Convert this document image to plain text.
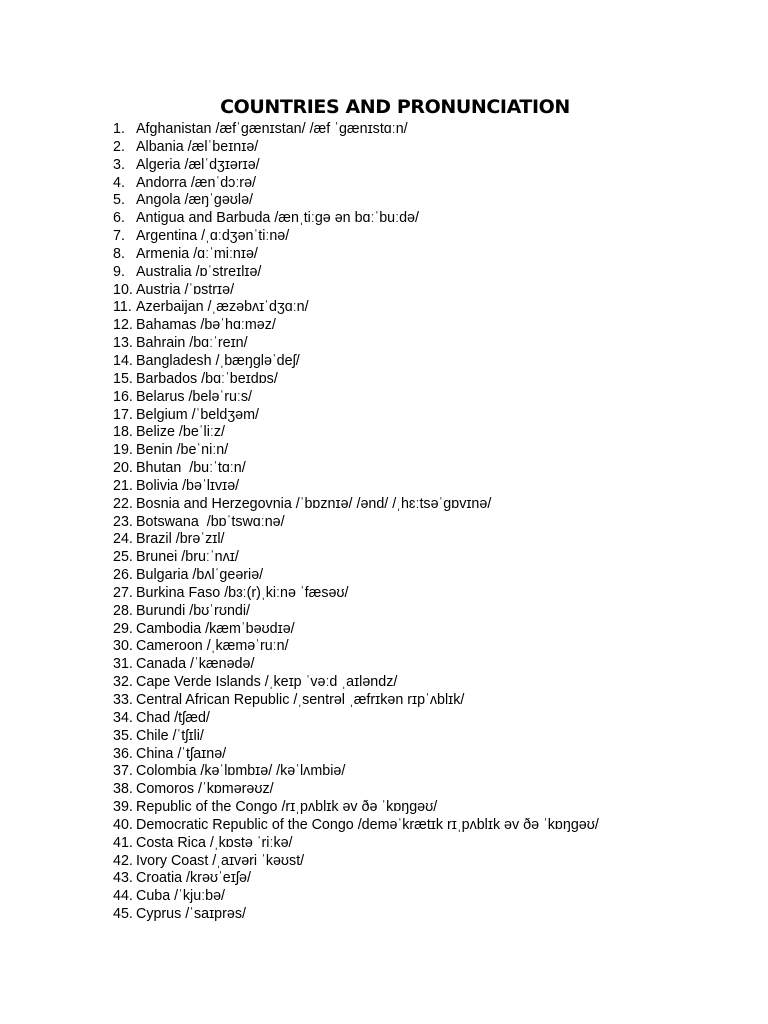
COUNTRIES AND PRONUNCIATION
1. Afghanistan /æfˈgænɪstan/ /æf ˈgænɪstɑːn/
2. Albania /ælˈbeɪnɪə/
3. Algeria /ælˈdʒɪərɪə/
4. Andorra /ænˈdɔːrə/
5. Angola /æŋˈgəʊlə/
6. Antigua and Barbuda /ænˌtiːgə ən bɑːˈbuːdə/
7. Argentina /ˌɑːdʒənˈtiːnə/
8. Armenia /ɑːˈmiːnɪə/
9. Australia /ɒˈstreɪlɪə/
10. Austria /ˈɒstrɪə/
11. Azerbaijan /ˌæzəbʌɪˈdʒɑːn/
12. Bahamas /bəˈhɑːməz/
13. Bahrain /bɑːˈreɪn/
14. Bangladesh /ˌbæŋgləˈdeʃ/
15. Barbados /bɑːˈbeɪdɒs/
16. Belarus /beləˈruːs/
17. Belgium /ˈbeldʒəm/
18. Belize /beˈliːz/
19. Benin /beˈniːn/
20. Bhutan  /buːˈtɑːn/
21. Bolivia /bəˈlɪvɪə/
22. Bosnia and Herzegovnia /ˈbɒznɪə/ /ənd/ /ˌhɛːtsəˈgɒvɪnə/
23. Botswana  /bɒˈtswɑːnə/
24. Brazil /brəˈzɪl/
25. Brunei /bruːˈnʌɪ/
26. Bulgaria /bʌlˈgeəriə/
27. Burkina Faso /bɜː(r)ˌkiːnə ˈfæsəʊ/
28. Burundi /bʊˈrʊndi/
29. Cambodia /kæmˈbəʊdɪə/
30. Cameroon /ˌkæməˈruːn/
31. Canada /ˈkænədə/
32. Cape Verde Islands /ˌkeɪp ˈvəːd ˌaɪləndz/
33. Central African Republic /ˌsentrəl ˌæfrɪkən rɪpˈʌblɪk/
34. Chad /tʃæd/
35. Chile /ˈtʃɪli/
36. China /ˈtʃaɪnə/
37. Colombia /kəˈlɒmbɪə/ /kəˈlʌmbiə/
38. Comoros /ˈkɒmərəʊz/
39. Republic of the Congo /rɪˌpʌblɪk əv ðə ˈkɒŋgəʊ/
40. Democratic Republic of the Congo /deməˈkrætɪk rɪˌpʌblɪk əv ðə ˈkɒŋgəʊ/
41. Costa Rica /ˌkɒstə ˈriːkə/
42. Ivory Coast /ˌaɪvəri ˈkəʊst/
43. Croatia /krəʊˈeɪʃə/
44. Cuba /ˈkjuːbə/
45. Cyprus /ˈsaɪprəs/
